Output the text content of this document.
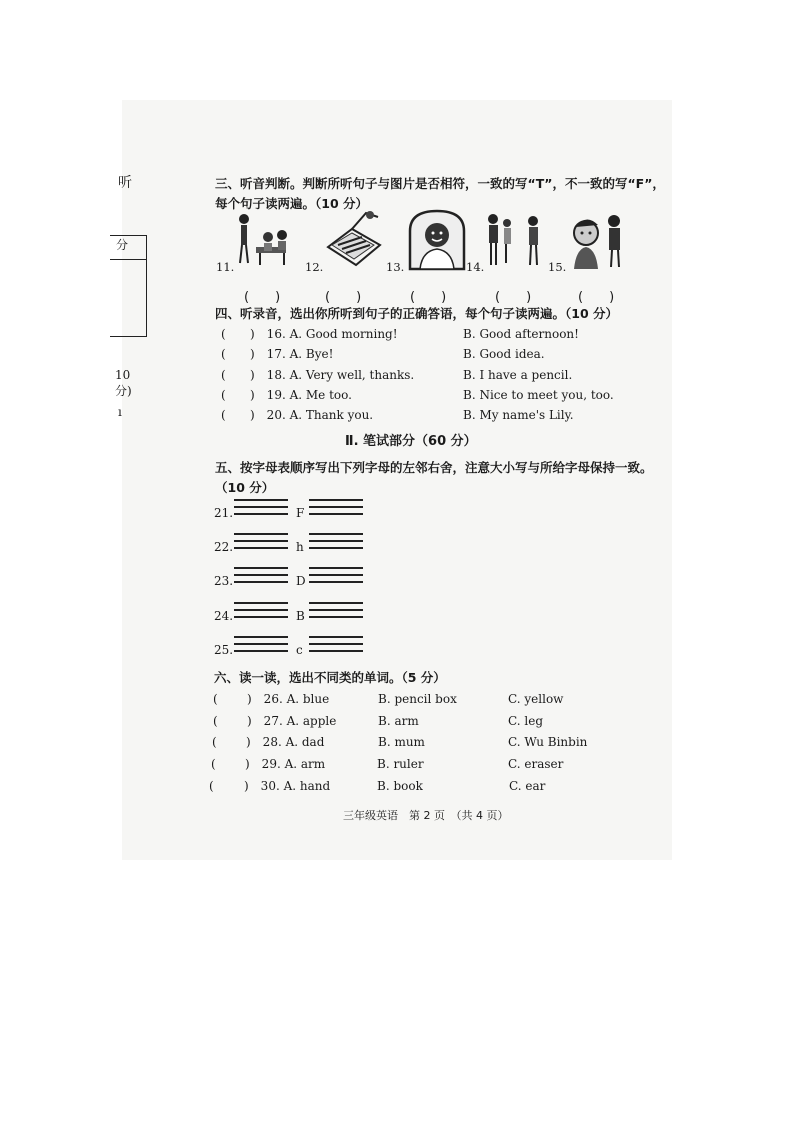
听
分
10 分)
ı
三、听音判断。判断所听句子与图片是否相符，一致的写“T”，不一致的写“F”，
每个句子读两遍。（10 分）
11.	12.	13.	14.	15.
(　　)	(　　)	(　　)	(　　)	(　　)
四、听录音，选出你所听到句子的正确答语，每个句子读两遍。（10 分）
( )　16. A. Good morning!	B. Good afternoon!
( )　17. A. Bye!	B. Good idea.
( )　18. A. Very well, thanks.	B. I have a pencil.
( )　19. A. Me too.	B. Nice to meet you, too.
( )　20. A. Thank you.	B. My name's Lily.
Ⅱ. 笔试部分（60 分）
五、按字母表顺序写出下列字母的左邻右舍，注意大小写与所给字母保持一致。
（10 分）
21.	F
22.	h
23.	D
24.	B
25.	c
六、读一读，选出不同类的单词。（5 分）
( )　26. A. blue	B. pencil box	C. yellow
( )　27. A. apple	B. arm	C. leg
( )　28. A. dad	B. mum	C. Wu Binbin
( )　29. A. arm	B. ruler	C. eraser
(	)　30. A. hand	B. book	C. ear
三年级英语　第 2 页　（共 4 页）
